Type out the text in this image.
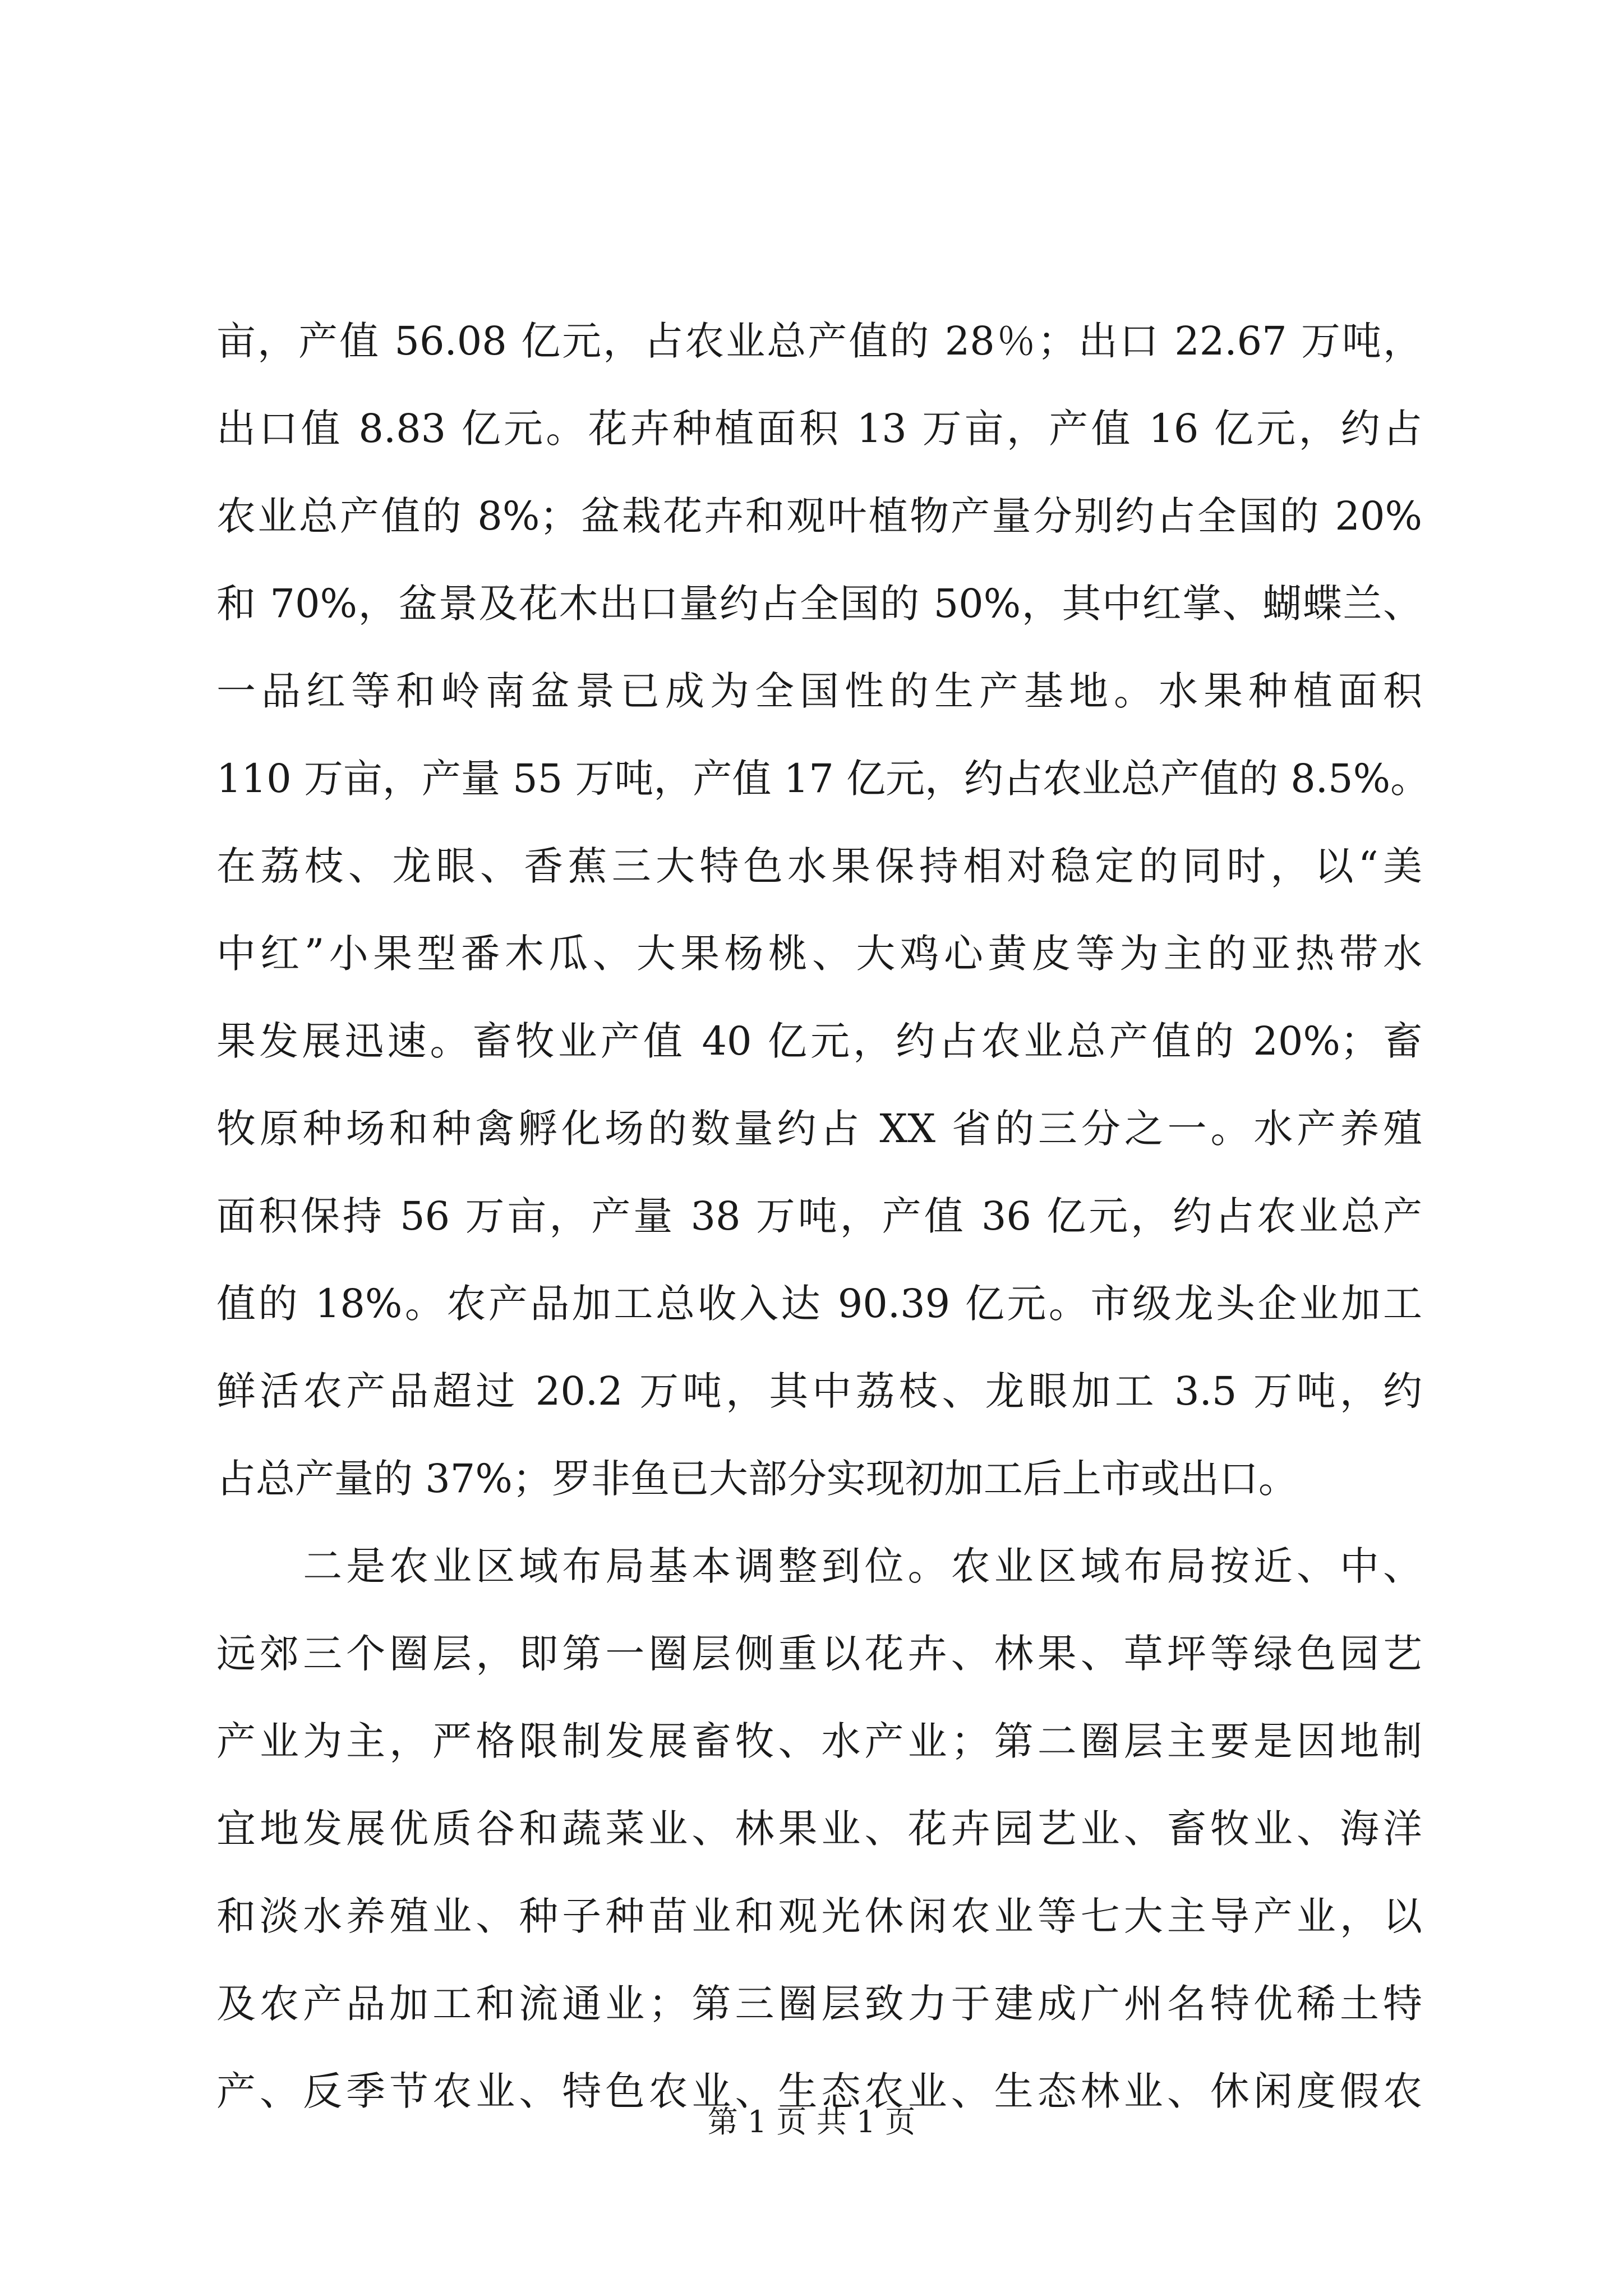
亩，产值 56.08 亿元，占农业总产值的 28％；出口 22.67 万吨，
出口值 8.83 亿元。花卉种植面积 13 万亩，产值 16 亿元，约占
农业总产值的 8%；盆栽花卉和观叶植物产量分别约占全国的 20%
和 70%，盆景及花木出口量约占全国的 50%，其中红掌、蝴蝶兰、
一品红等和岭南盆景已成为全国性的生产基地。水果种植面积
110 万亩，产量 55 万吨，产值 17 亿元，约占农业总产值的 8.5%。
在荔枝、龙眼、香蕉三大特色水果保持相对稳定的同时，以“美
中红”小果型番木瓜、大果杨桃、大鸡心黄皮等为主的亚热带水
果发展迅速。畜牧业产值 40 亿元，约占农业总产值的 20%；畜
牧原种场和种禽孵化场的数量约占 XX 省的三分之一。水产养殖
面积保持 56 万亩，产量 38 万吨，产值 36 亿元，约占农业总产
值的 18%。农产品加工总收入达 90.39 亿元。市级龙头企业加工
鲜活农产品超过 20.2 万吨，其中荔枝、龙眼加工 3.5 万吨，约
占总产量的 37%；罗非鱼已大部分实现初加工后上市或出口。
　　二是农业区域布局基本调整到位。农业区域布局按近、中、
远郊三个圈层，即第一圈层侧重以花卉、林果、草坪等绿色园艺
产业为主，严格限制发展畜牧、水产业；第二圈层主要是因地制
宜地发展优质谷和蔬菜业、林果业、花卉园艺业、畜牧业、海洋
和淡水养殖业、种子种苗业和观光休闲农业等七大主导产业，以
及农产品加工和流通业；第三圈层致力于建成广州名特优稀土特
产、反季节农业、特色农业、生态农业、生态林业、休闲度假农
第 1 页 共 1 页
